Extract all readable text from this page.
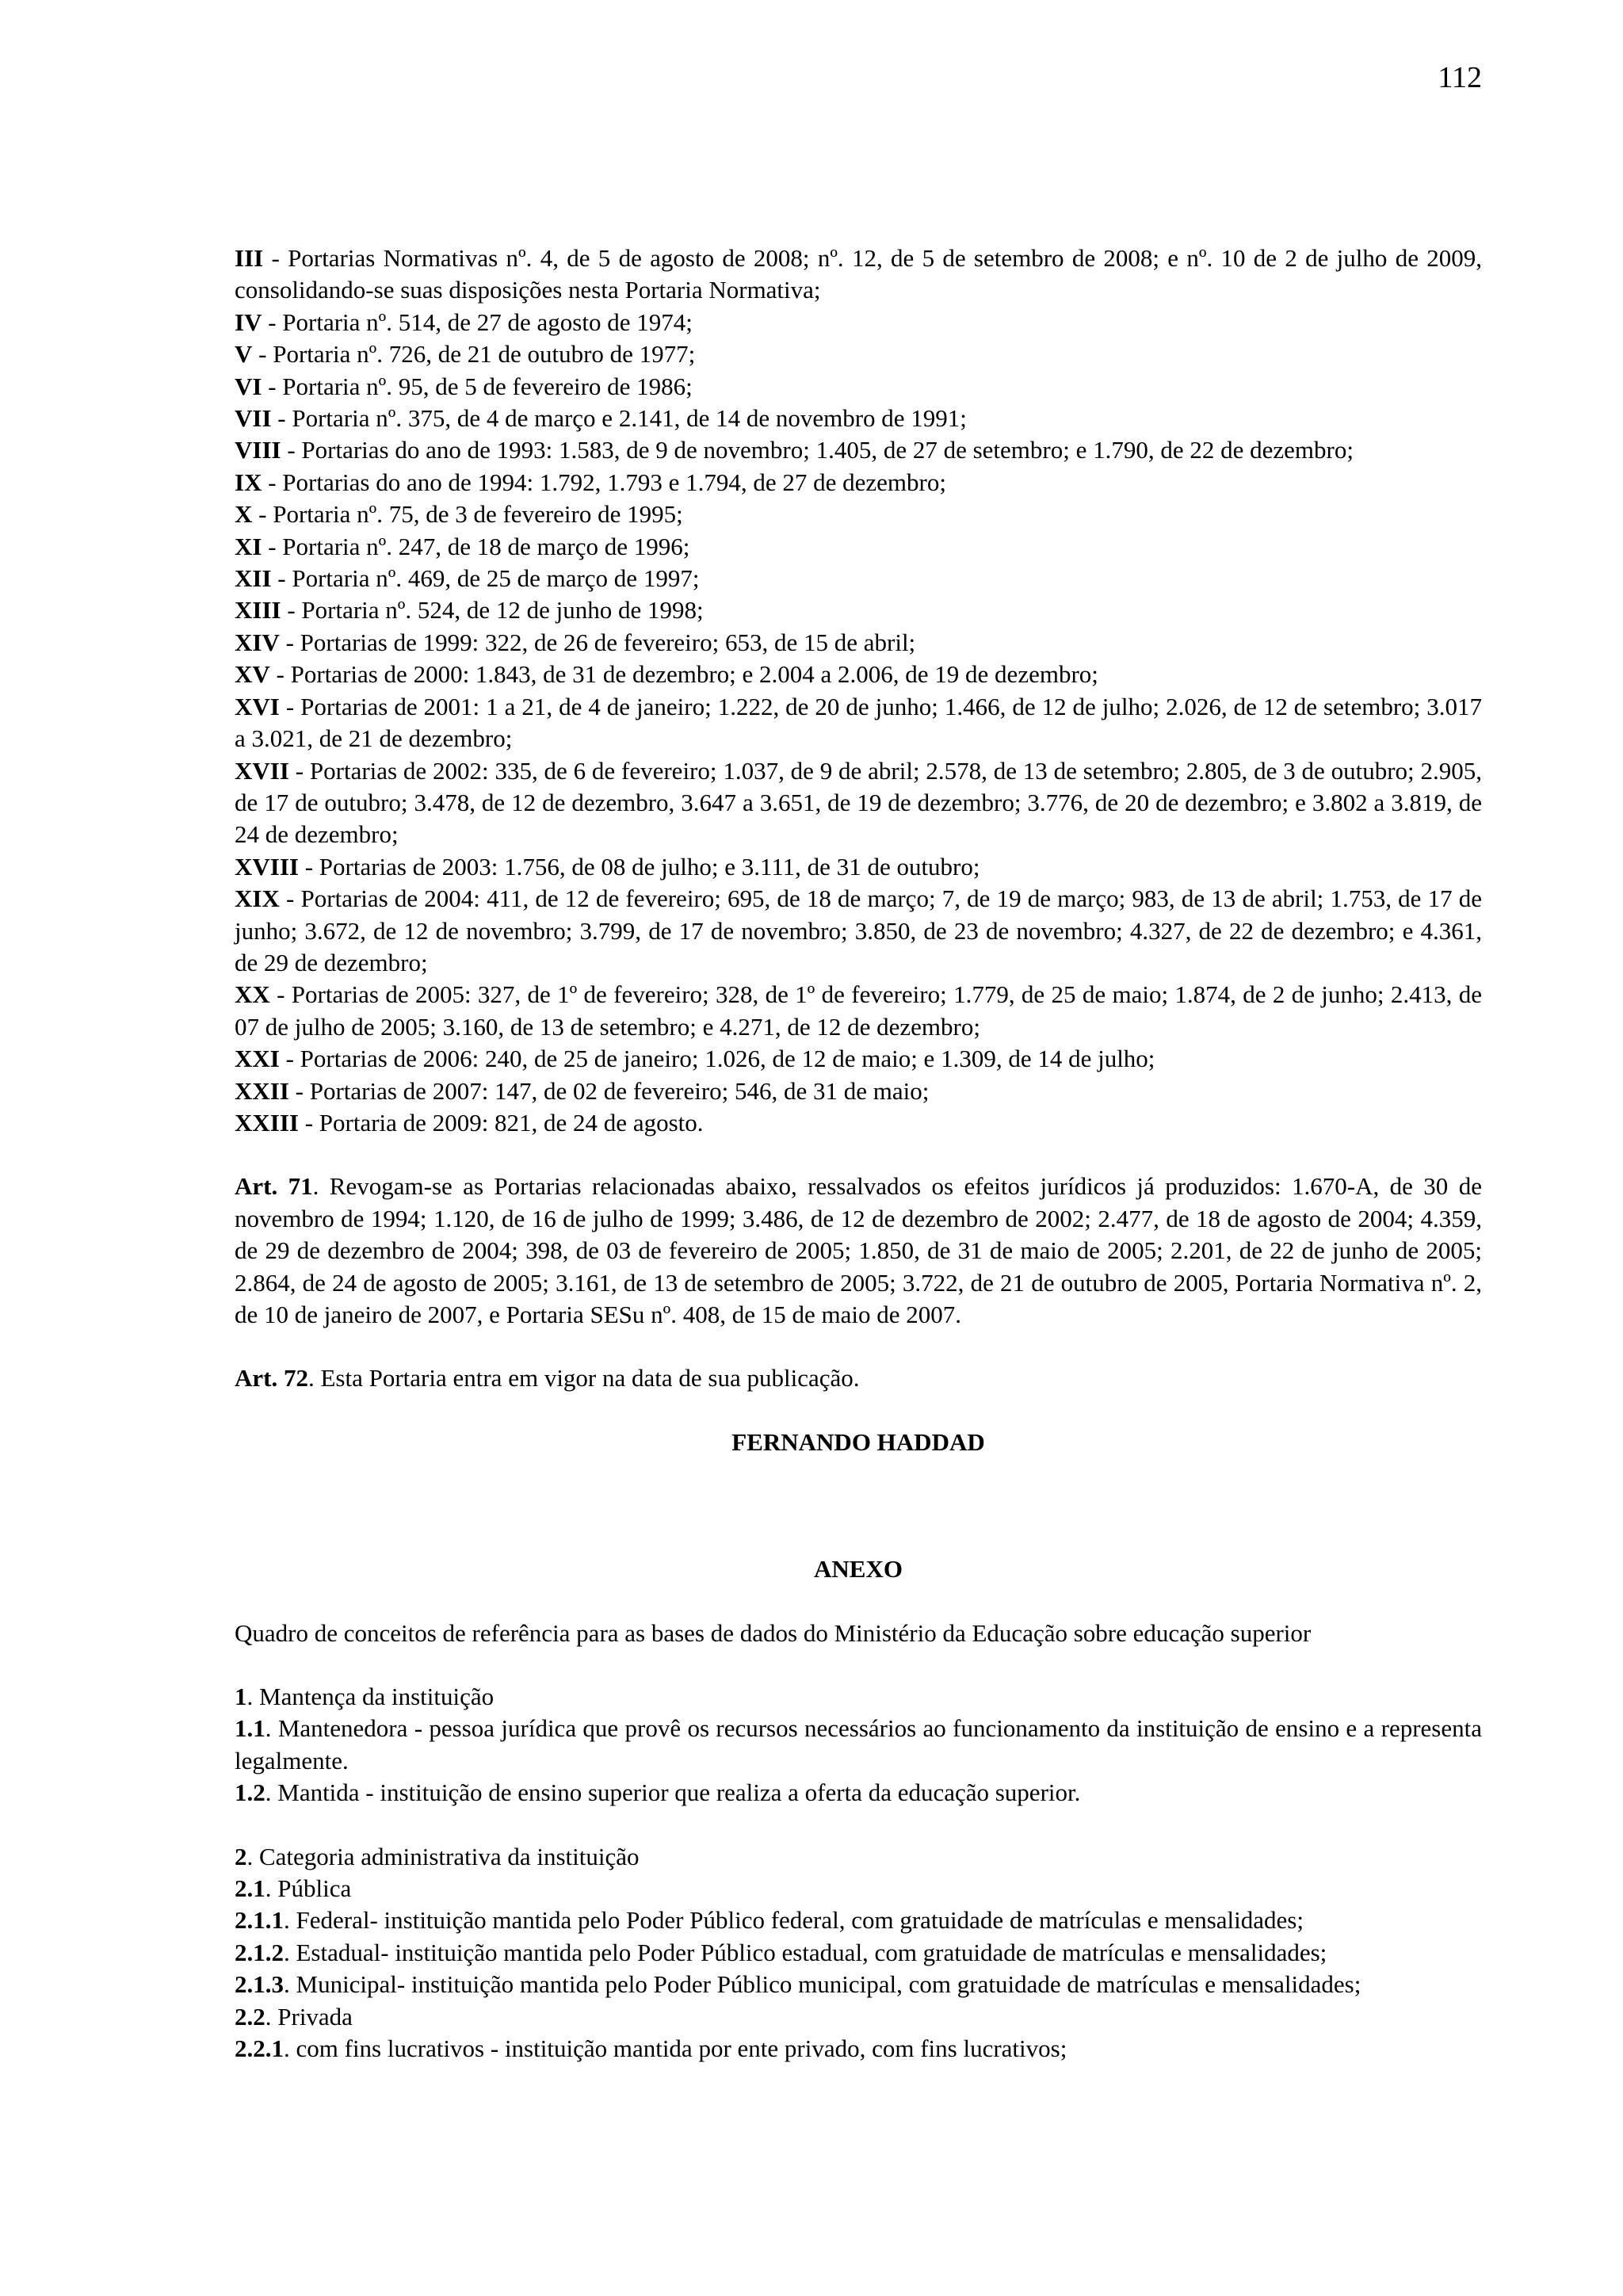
112

III - Portarias Normativas nº. 4, de 5 de agosto de 2008; nº. 12, de 5 de setembro de 2008; e nº. 10 de 2 de julho de 2009, consolidando-se suas disposições nesta Portaria Normativa;

IV - Portaria nº. 514, de 27 de agosto de 1974;

V - Portaria nº. 726, de 21 de outubro de 1977;

VI - Portaria nº. 95, de 5 de fevereiro de 1986;

VII - Portaria nº. 375, de 4 de março e 2.141, de 14 de novembro de 1991;

VIII - Portarias do ano de 1993: 1.583, de 9 de novembro; 1.405, de 27 de setembro; e 1.790, de 22 de dezembro;

IX - Portarias do ano de 1994: 1.792, 1.793 e 1.794, de 27 de dezembro;

X - Portaria nº. 75, de 3 de fevereiro de 1995;

XI - Portaria nº. 247, de 18 de março de 1996;

XII - Portaria nº. 469, de 25 de março de 1997;

XIII - Portaria nº. 524, de 12 de junho de 1998;

XIV - Portarias de 1999: 322, de 26 de fevereiro; 653, de 15 de abril;

XV - Portarias de 2000: 1.843, de 31 de dezembro; e 2.004 a 2.006, de 19 de dezembro;

XVI - Portarias de 2001: 1 a 21, de 4 de janeiro; 1.222, de 20 de junho; 1.466, de 12 de julho; 2.026, de 12 de setembro; 3.017 a 3.021, de 21 de dezembro;

XVII - Portarias de 2002: 335, de 6 de fevereiro; 1.037, de 9 de abril; 2.578, de 13 de setembro; 2.805, de 3 de outubro; 2.905, de 17 de outubro; 3.478, de 12 de dezembro, 3.647 a 3.651, de 19 de dezembro; 3.776, de 20 de dezembro; e 3.802 a 3.819, de 24 de dezembro;

XVIII - Portarias de 2003: 1.756, de 08 de julho; e 3.111, de 31 de outubro;

XIX - Portarias de 2004: 411, de 12 de fevereiro; 695, de 18 de março; 7, de 19 de março; 983, de 13 de abril; 1.753, de 17 de junho; 3.672, de 12 de novembro; 3.799, de 17 de novembro; 3.850, de 23 de novembro; 4.327, de 22 de dezembro; e 4.361, de 29 de dezembro;

XX - Portarias de 2005: 327, de 1º de fevereiro; 328, de 1º de fevereiro; 1.779, de 25 de maio; 1.874, de 2 de junho; 2.413, de 07 de julho de 2005; 3.160, de 13 de setembro; e 4.271, de 12 de dezembro;

XXI - Portarias de 2006: 240, de 25 de janeiro; 1.026, de 12 de maio; e 1.309, de 14 de julho;

XXII - Portarias de 2007: 147, de 02 de fevereiro; 546, de 31 de maio;

XXIII - Portaria de 2009: 821, de 24 de agosto.

Art. 71. Revogam-se as Portarias relacionadas abaixo, ressalvados os efeitos jurídicos já produzidos: 1.670-A, de 30 de novembro de 1994; 1.120, de 16 de julho de 1999; 3.486, de 12 de dezembro de 2002; 2.477, de 18 de agosto de 2004; 4.359, de 29 de dezembro de 2004; 398, de 03 de fevereiro de 2005; 1.850, de 31 de maio de 2005; 2.201, de 22 de junho de 2005; 2.864, de 24 de agosto de 2005; 3.161, de 13 de setembro de 2005; 3.722, de 21 de outubro de 2005, Portaria Normativa nº. 2, de 10 de janeiro de 2007, e Portaria SESu nº. 408, de 15 de maio de 2007.

Art. 72. Esta Portaria entra em vigor na data de sua publicação.

FERNANDO HADDAD

ANEXO

Quadro de conceitos de referência para as bases de dados do Ministério da Educação sobre educação superior

1. Mantença da instituição

1.1. Mantenedora - pessoa jurídica que provê os recursos necessários ao funcionamento da instituição de ensino e a representa legalmente.

1.2. Mantida - instituição de ensino superior que realiza a oferta da educação superior.

2. Categoria administrativa da instituição

2.1. Pública

2.1.1. Federal- instituição mantida pelo Poder Público federal, com gratuidade de matrículas e mensalidades;

2.1.2. Estadual- instituição mantida pelo Poder Público estadual, com gratuidade de matrículas e mensalidades;

2.1.3. Municipal- instituição mantida pelo Poder Público municipal, com gratuidade de matrículas e mensalidades;

2.2. Privada

2.2.1. com fins lucrativos - instituição mantida por ente privado, com fins lucrativos;
